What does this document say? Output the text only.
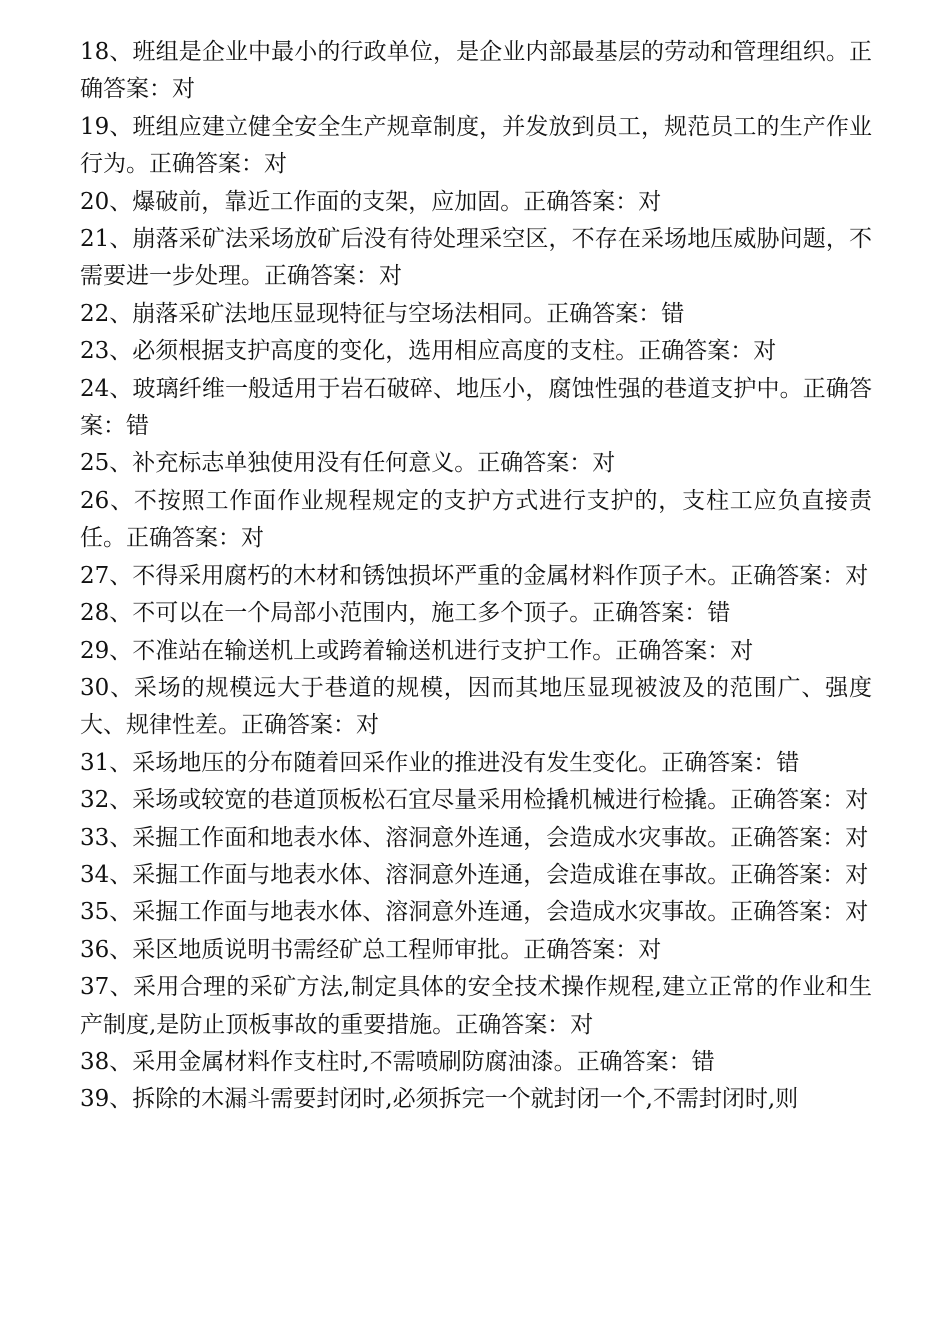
18、班组是企业中最小的行政单位，是企业内部最基层的劳动和管理组织。正确答案：对

19、班组应建立健全安全生产规章制度，并发放到员工，规范员工的生产作业行为。正确答案：对

20、爆破前，靠近工作面的支架，应加固。正确答案：对

21、崩落采矿法采场放矿后没有待处理采空区，不存在采场地压威胁问题，不需要进一步处理。正确答案：对

22、崩落采矿法地压显现特征与空场法相同。正确答案：错

23、必须根据支护高度的变化，选用相应高度的支柱。正确答案：对

24、玻璃纤维一般适用于岩石破碎、地压小，腐蚀性强的巷道支护中。正确答案：错

25、补充标志单独使用没有任何意义。正确答案：对

26、不按照工作面作业规程规定的支护方式进行支护的，支柱工应负直接责任。正确答案：对

27、不得采用腐朽的木材和锈蚀损坏严重的金属材料作顶子木。正确答案：对

28、不可以在一个局部小范围内，施工多个顶子。正确答案：错

29、不准站在输送机上或跨着输送机进行支护工作。正确答案：对

30、采场的规模远大于巷道的规模，因而其地压显现被波及的范围广、强度大、规律性差。正确答案：对

31、采场地压的分布随着回采作业的推进没有发生变化。正确答案：错

32、采场或较宽的巷道顶板松石宜尽量采用检撬机械进行检撬。正确答案：对

33、采掘工作面和地表水体、溶洞意外连通，会造成水灾事故。正确答案：对

34、采掘工作面与地表水体、溶洞意外连通，会造成谁在事故。正确答案：对

35、采掘工作面与地表水体、溶洞意外连通，会造成水灾事故。正确答案：对

36、采区地质说明书需经矿总工程师审批。正确答案：对

37、采用合理的采矿方法,制定具体的安全技术操作规程,建立正常的作业和生产制度,是防止顶板事故的重要措施。正确答案：对

38、采用金属材料作支柱时,不需喷刷防腐油漆。正确答案：错

39、拆除的木漏斗需要封闭时,必须拆完一个就封闭一个,不需封闭时,则
